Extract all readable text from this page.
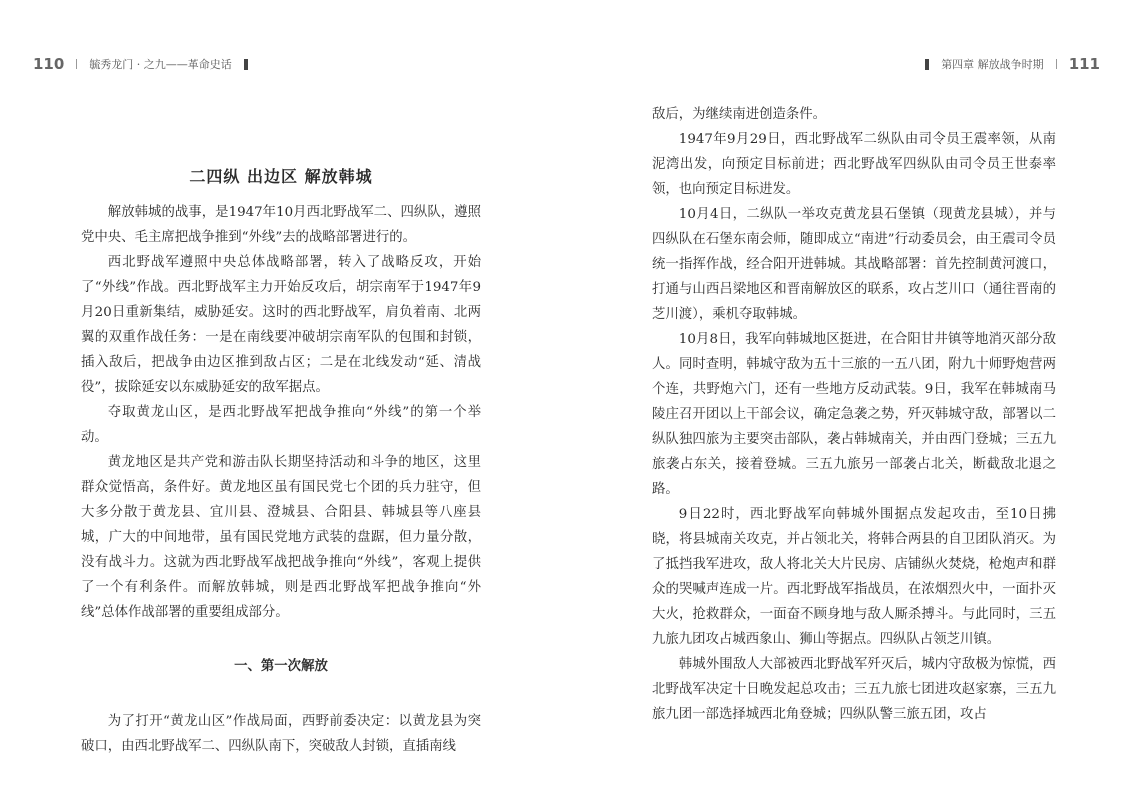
110 毓秀龙门 · 之九——革命史话
二四纵 出边区 解放韩城

解放韩城的战事，是1947年10月西北野战军二、四纵队，遵照党中央、毛主席把战争推到“外线”去的战略部署进行的。

西北野战军遵照中央总体战略部署，转入了战略反攻，开始了“外线”作战。西北野战军主力开始反攻后，胡宗南军于1947年9月20日重新集结，威胁延安。这时的西北野战军，肩负着南、北两翼的双重作战任务：一是在南线要冲破胡宗南军队的包围和封锁，插入敌后，把战争由边区推到敌占区；二是在北线发动“延、清战役”，拔除延安以东威胁延安的敌军据点。

夺取黄龙山区，是西北野战军把战争推向“外线”的第一个举动。

黄龙地区是共产党和游击队长期坚持活动和斗争的地区，这里群众觉悟高，条件好。黄龙地区虽有国民党七个团的兵力驻守，但大多分散于黄龙县、宜川县、澄城县、合阳县、韩城县等八座县城，广大的中间地带，虽有国民党地方武装的盘踞，但力量分散，没有战斗力。这就为西北野战军战把战争推向“外线”，客观上提供了一个有利条件。而解放韩城，则是西北野战军把战争推向“外线”总体作战部署的重要组成部分。

一、第一次解放

为了打开“黄龙山区”作战局面，西野前委决定：以黄龙县为突破口，由西北野战军二、四纵队南下，突破敌人封锁，直插南线

第四章 解放战争时期 111

敌后，为继续南进创造条件。

1947年9月29日，西北野战军二纵队由司令员王震率领，从南泥湾出发，向预定目标前进；西北野战军四纵队由司令员王世泰率领，也向预定目标进发。

10月4日，二纵队一举攻克黄龙县石堡镇（现黄龙县城），并与四纵队在石堡东南会师，随即成立“南进”行动委员会，由王震司令员统一指挥作战，经合阳开进韩城。其战略部署：首先控制黄河渡口，打通与山西吕梁地区和晋南解放区的联系，攻占芝川口（通往晋南的芝川渡），乘机夺取韩城。

10月8日，我军向韩城地区挺进，在合阳甘井镇等地消灭部分敌人。同时查明，韩城守敌为五十三旅的一五八团，附九十师野炮营两个连，共野炮六门，还有一些地方反动武装。9日，我军在韩城南马陵庄召开团以上干部会议，确定急袭之势，歼灭韩城守敌，部署以二纵队独四旅为主要突击部队，袭占韩城南关，并由西门登城；三五九旅袭占东关，接着登城。三五九旅另一部袭占北关，断截敌北退之路。

9日22时，西北野战军向韩城外围据点发起攻击，至10日拂晓，将县城南关攻克，并占领北关，将韩合两县的自卫团队消灭。为了抵挡我军进攻，敌人将北关大片民房、店铺纵火焚烧，枪炮声和群众的哭喊声连成一片。西北野战军指战员，在浓烟烈火中，一面扑灭大火，抢救群众，一面奋不顾身地与敌人厮杀搏斗。与此同时，三五九旅九团攻占城西象山、狮山等据点。四纵队占领芝川镇。

韩城外围敌人大部被西北野战军歼灭后，城内守敌极为惊慌，西北野战军决定十日晚发起总攻击；三五九旅七团进攻赵家寨，三五九旅九团一部选择城西北角登城；四纵队警三旅五团，攻占
